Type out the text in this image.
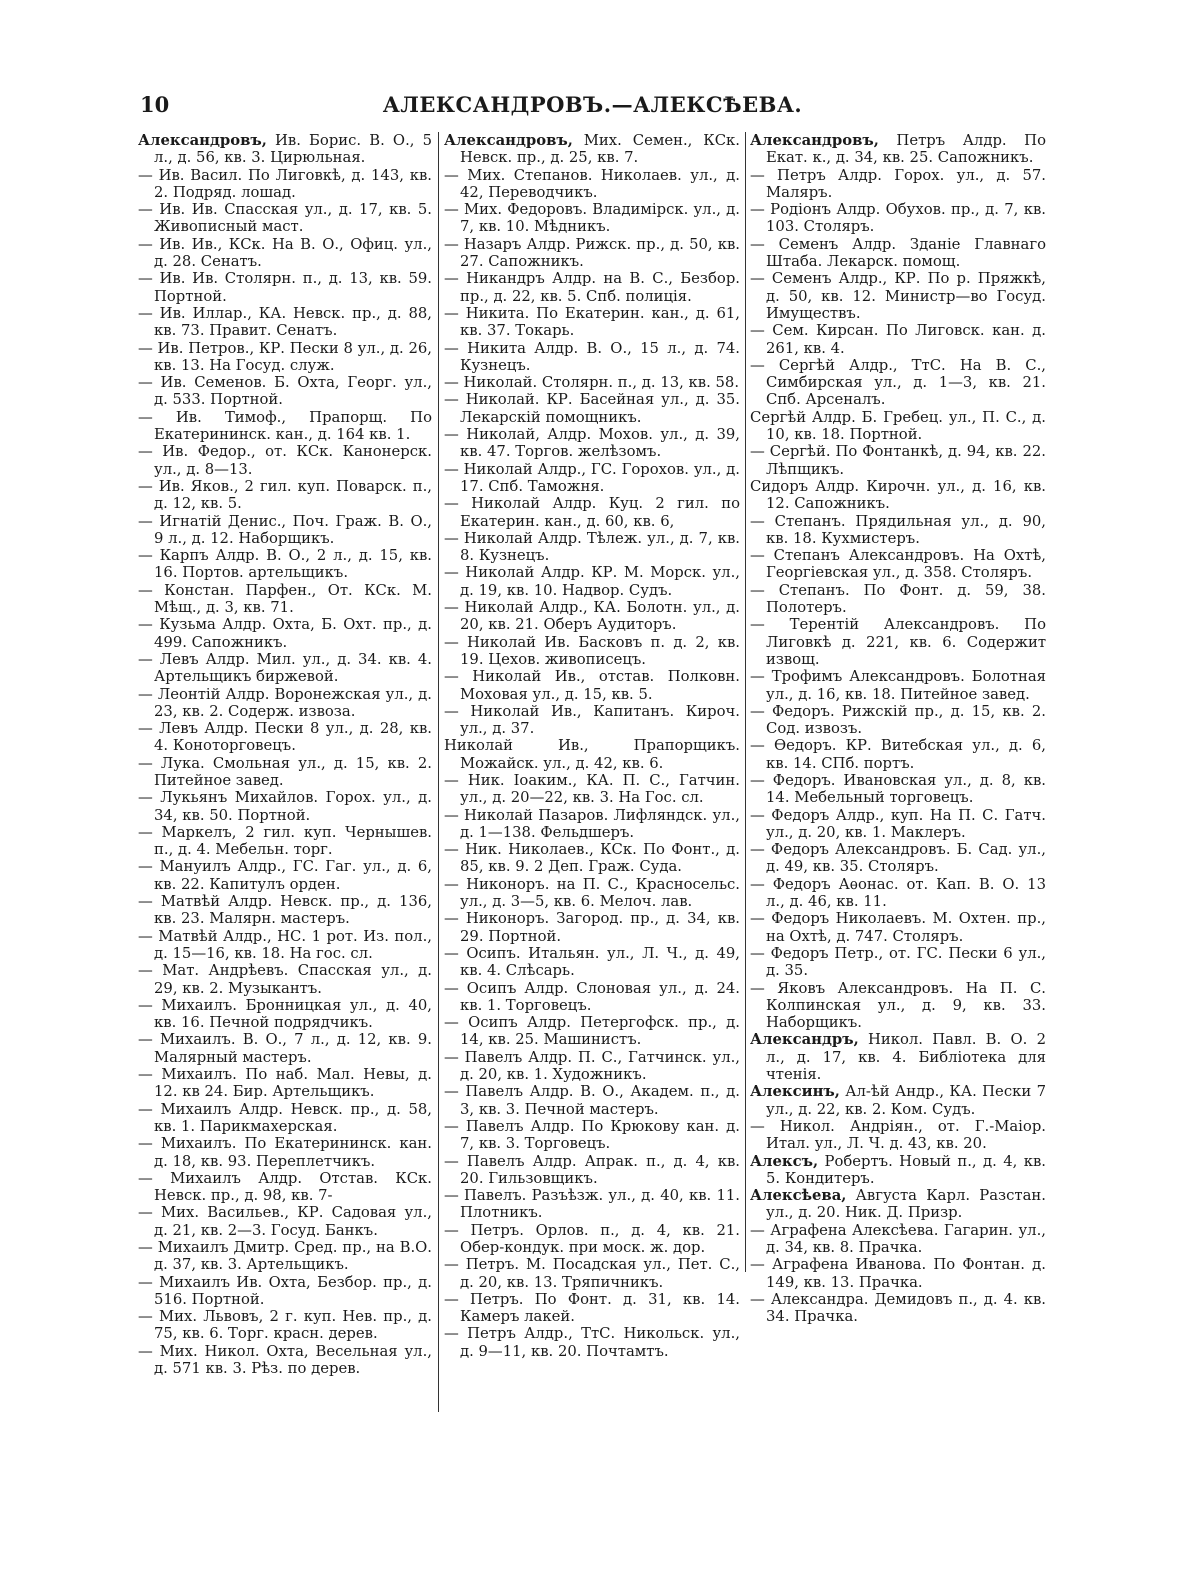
10	АЛЕКСАНДРОВЪ.—АЛЕКСѢЕВА.
Александровъ, Ив. Борис. В. О., 5 л., д. 56, кв. 3. Цирюльная.
— Ив. Васил. По Лиговкѣ, д. 143, кв. 2. Подряд. лошад.
— Ив. Ив. Спасская ул., д. 17, кв. 5. Живописный маст.
— Ив. Ив., КСк. На В. О., Офиц. ул., д. 28. Сенатъ.
— Ив. Ив. Столярн. п., д. 13, кв. 59. Портной.
— Ив. Иллар., КА. Невск. пр., д. 88, кв. 73. Правит. Сенатъ.
— Ив. Петров., КР. Пески 8 ул., д. 26, кв. 13. На Госуд. служ.
— Ив. Семенов. Б. Охта, Георг. ул., д. 533. Портной.
— Ив. Тимоф., Прапорщ. По Екатерининск. кан., д. 164 кв. 1.
— Ив. Федор., от. КСк. Канонерск. ул., д. 8—13.
— Ив. Яков., 2 гил. куп. Поварск. п., д. 12, кв. 5.
— Игнатій Денис., Поч. Граж. В. О., 9 л., д. 12. Наборщикъ.
— Карпъ Алдр. В. О., 2 л., д. 15, кв. 16. Портов. артельщикъ.
— Констан. Парфен., От. КСк. М. Мѣщ., д. 3, кв. 71.
— Кузьма Алдр. Охта, Б. Охт. пр., д. 499. Сапожникъ.
— Левъ Алдр. Мил. ул., д. 34. кв. 4. Артельщикъ биржевой.
— Леонтій Алдр. Воронежская ул., д. 23, кв. 2. Содерж. извоза.
— Левъ Алдр. Пески 8 ул., д. 28, кв. 4. Коноторговецъ.
— Лука. Смольная ул., д. 15, кв. 2. Питейное завед.
— Лукьянъ Михайлов. Горох. ул., д. 34, кв. 50. Портной.
— Маркелъ, 2 гил. куп. Чернышев. п., д. 4. Мебельн. торг.
— Мануилъ Алдр., ГС. Гаг. ул., д. 6, кв. 22. Капитулъ орден.
— Матвѣй Алдр. Невск. пр., д. 136, кв. 23. Малярн. мастеръ.
— Матвѣй Алдр., НС. 1 рот. Из. пол., д. 15—16, кв. 18. На гос. сл.
— Мат. Андрѣевъ. Спасская ул., д. 29, кв. 2. Музыкантъ.
— Михаилъ. Бронницкая ул., д. 40, кв. 16. Печной подрядчикъ.
— Михаилъ. В. О., 7 л., д. 12, кв. 9. Малярный мастеръ.
— Михаилъ. По наб. Мал. Невы, д. 12. кв 24. Бир. Артельщикъ.
— Михаилъ Алдр. Невск. пр., д. 58, кв. 1. Парикмахерская.
— Михаилъ. По Екатерининск. кан. д. 18, кв. 93. Переплетчикъ.
— Михаилъ Алдр. Отстав. КСк. Невск. пр., д. 98, кв. 7-
— Мих. Васильев., КР. Садовая ул., д. 21, кв. 2—3. Госуд. Банкъ.
— Михаилъ Дмитр. Сред. пр., на В.О. д. 37, кв. 3. Артельщикъ.
— Михаилъ Ив. Охта, Безбор. пр., д. 516. Портной.
— Мих. Львовъ, 2 г. куп. Нев. пр., д. 75, кв. 6. Торг. красн. дерев.
— Мих. Никол. Охта, Весельная ул., д. 571 кв. 3. Рѣз. по дерев.
Александровъ, Мих. Семен., КСк. Невск. пр., д. 25, кв. 7.
— Мих. Степанов. Николаев. ул., д. 42, Переводчикъ.
— Мих. Федоровъ. Владимірск. ул., д. 7, кв. 10. Мѣдникъ.
— Назаръ Алдр. Рижск. пр., д. 50, кв. 27. Сапожникъ.
— Никандръ Алдр. на В. С., Безбор. пр., д. 22, кв. 5. Спб. полиція.
— Никита. По Екатерин. кан., д. 61, кв. 37. Токарь.
— Никита Алдр. В. О., 15 л., д. 74. Кузнецъ.
— Николай. Столярн. п., д. 13, кв. 58.
— Николай. КР. Басейная ул., д. 35. Лекарскій помощникъ.
— Николай, Алдр. Мохов. ул., д. 39, кв. 47. Торгов. желѣзомъ.
— Николай Алдр., ГС. Горохов. ул., д. 17. Спб. Таможня.
— Николай Алдр. Куц. 2 гил. по Екатерин. кан., д. 60, кв. 6,
— Николай Алдр. Тѣлеж. ул., д. 7, кв. 8. Кузнецъ.
— Николай Алдр. КР. М. Морск. ул., д. 19, кв. 10. Надвор. Судъ.
— Николай Алдр., КА. Болотн. ул., д. 20, кв. 21. Оберъ Аудиторъ.
— Николай Ив. Басковъ п. д. 2, кв. 19. Цехов. живописецъ.
— Николай Ив., отстав. Полковн. Моховая ул., д. 15, кв. 5.
— Николай Ив., Капитанъ. Кироч. ул., д. 37.
Николай Ив., Прапорщикъ. Можайск. ул., д. 42, кв. 6.
— Ник. Іоаким., КА. П. С., Гатчин. ул., д. 20—22, кв. 3. На Гос. сл.
— Николай Пазаров. Лифляндск. ул., д. 1—138. Фельдшеръ.
— Ник. Николаев., КСк. По Фонт., д. 85, кв. 9. 2 Деп. Граж. Суда.
— Никоноръ. на П. С., Красносельс. ул., д. 3—5, кв. 6. Мелоч. лав.
— Никоноръ. Загород. пр., д. 34, кв. 29. Портной.
— Осипъ. Итальян. ул., Л. Ч., д. 49, кв. 4. Слѣсарь.
— Осипъ Алдр. Слоновая ул., д. 24. кв. 1. Торговецъ.
— Осипъ Алдр. Петергофск. пр., д. 14, кв. 25. Машинистъ.
— Павелъ Алдр. П. С., Гатчинск. ул., д. 20, кв. 1. Художникъ.
— Павелъ Алдр. В. О., Академ. п., д. 3, кв. 3. Печной мастеръ.
— Павелъ Алдр. По Крюкову кан. д. 7, кв. 3. Торговецъ.
— Павелъ Алдр. Апрак. п., д. 4, кв. 20. Гильзовщикъ.
— Павелъ. Разъѣзж. ул., д. 40, кв. 11. Плотникъ.
— Петръ. Орлов. п., д. 4, кв. 21. Обер-кондук. при моск. ж. дор.
— Петръ. М. Посадская ул., Пет. С., д. 20, кв. 13. Тряпичникъ.
— Петръ. По Фонт. д. 31, кв. 14. Камеръ лакей.
— Петръ Алдр., ТтС. Никольск. ул., д. 9—11, кв. 20. Почтамтъ.
Александровъ, Петръ Алдр. По Екат. к., д. 34, кв. 25. Сапожникъ.
— Петръ Алдр. Горох. ул., д. 57. Маляръ.
— Родіонъ Алдр. Обухов. пр., д. 7, кв. 103. Столяръ.
— Семенъ Алдр. Зданіе Главнаго Штаба. Лекарск. помощ.
— Семенъ Алдр., КР. По р. Пряжкѣ, д. 50, кв. 12. Министр—во Госуд. Имуществъ.
— Сем. Кирсан. По Лиговск. кан. д. 261, кв. 4.
— Сергѣй Алдр., ТтС. На В. С., Симбирская ул., д. 1—3, кв. 21. Спб. Арсеналъ.
Сергѣй Алдр. Б. Гребец. ул., П. С., д. 10, кв. 18. Портной.
— Сергѣй. По Фонтанкѣ, д. 94, кв. 22. Лѣпщикъ.
Сидоръ Алдр. Кирочн. ул., д. 16, кв. 12. Сапожникъ.
— Степанъ. Прядильная ул., д. 90, кв. 18. Кухмистеръ.
— Степанъ Александровъ. На Охтѣ, Георгіевская ул., д. 358. Столяръ.
— Степанъ. По Фонт. д. 59, 38. Полотеръ.
— Терентій Александровъ. По Лиговкѣ д. 221, кв. 6. Содержит извощ.
— Трофимъ Александровъ. Болотная ул., д. 16, кв. 18. Питейное завед.
— Федоръ. Рижскій пр., д. 15, кв. 2. Сод. извозъ.
— Ѳедоръ. КР. Витебская ул., д. 6, кв. 14. СПб. портъ.
— Федоръ. Ивановская ул., д. 8, кв. 14. Мебельный торговецъ.
— Федоръ Алдр., куп. На П. С. Гатч. ул., д. 20, кв. 1. Маклеръ.
— Федоръ Александровъ. Б. Сад. ул., д. 49, кв. 35. Столяръ.
— Федоръ Аѳонас. от. Кап. В. О. 13 л., д. 46, кв. 11.
— Федоръ Николаевъ. М. Охтен. пр., на Охтѣ, д. 747. Столяръ.
— Федоръ Петр., от. ГС. Пески 6 ул., д. 35.
— Яковъ Александровъ. На П. С. Колпинская ул., д. 9, кв. 33. Наборщикъ.
Александръ, Никол. Павл. В. О. 2 л., д. 17, кв. 4. Библіотека для чтенія.
Алексинъ, Ал-ѣй Андр., КА. Пески 7 ул., д. 22, кв. 2. Ком. Судъ.
— Никол. Андріян., от. Г.-Маіор. Итал. ул., Л. Ч. д. 43, кв. 20.
Алексъ, Робертъ. Новый п., д. 4, кв. 5. Кондитеръ.
Алексѣева, Августа Карл. Разстан. ул., д. 20. Ник. Д. Призр.
— Аграфена Алексѣева. Гагарин. ул., д. 34, кв. 8. Прачка.
— Аграфена Иванова. По Фонтан. д. 149, кв. 13. Прачка.
— Александра. Демидовъ п., д. 4. кв. 34. Прачка.
